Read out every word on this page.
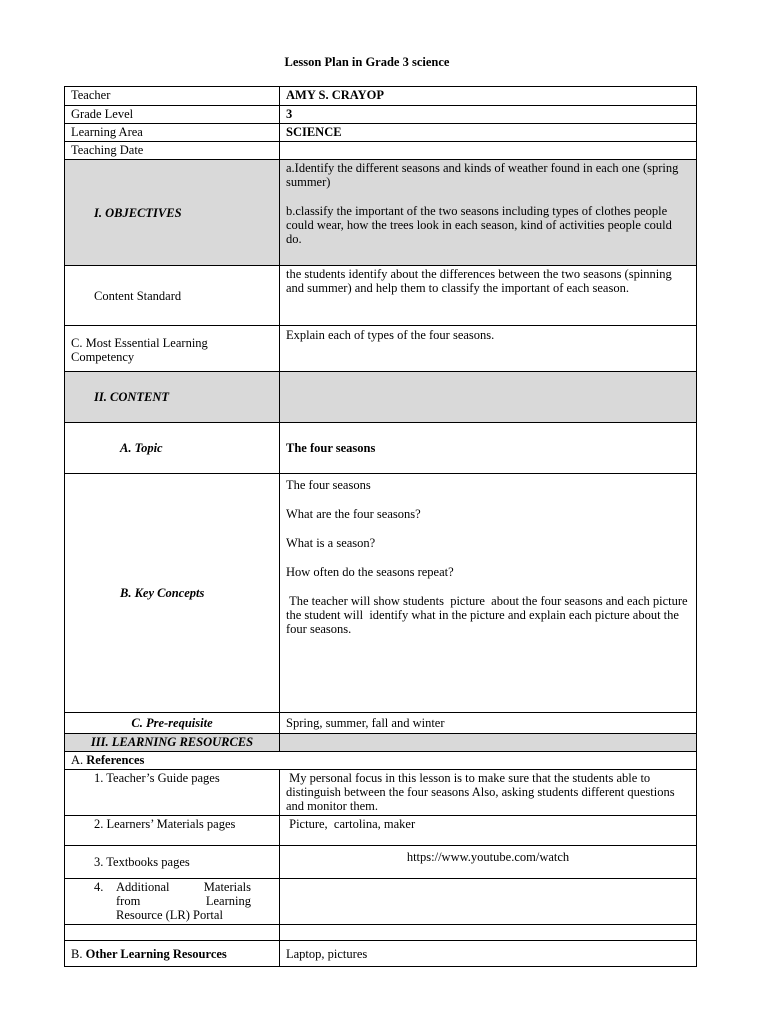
Lesson Plan in Grade 3 science
Teacher	AMY S. CRAYOP
Grade Level	3
Learning Area	SCIENCE
Teaching Date	
I. OBJECTIVES	a.Identify the different seasons and kinds of weather found in each one (spring summer)

b.classify the important of the two seasons including types of clothes people could wear, how the trees look in each season, kind of activities people could do.

Content Standard	the students identify about the differences between the two seasons (spinning and summer) and help them to classify the important of each season.
C. Most Essential Learning Competency	Explain each of types of the four seasons.
II. CONTENT	
A. Topic	The four seasons
B. Key Concepts	The four seasons

What are the four seasons?

What is a season?

How often do the seasons repeat?

The teacher will show students  picture  about the four seasons and each picture the student will  identify what in the picture and explain each picture about the four seasons.

C. Pre-requisite	Spring, summer, fall and winter
III. LEARNING RESOURCES	
A. References	
1. Teacher’s Guide pages	My personal focus in this lesson is to make sure that the students able to distinguish between the four seasons Also, asking students different questions and monitor them.
2. Learners’ Materials pages	Picture,  cartolina, maker
3. Textbooks pages	https://www.youtube.com/watch

4. Additional Materials
from Learning
Resource (LR) Portal	

B. Other Learning Resources	Laptop, pictures
